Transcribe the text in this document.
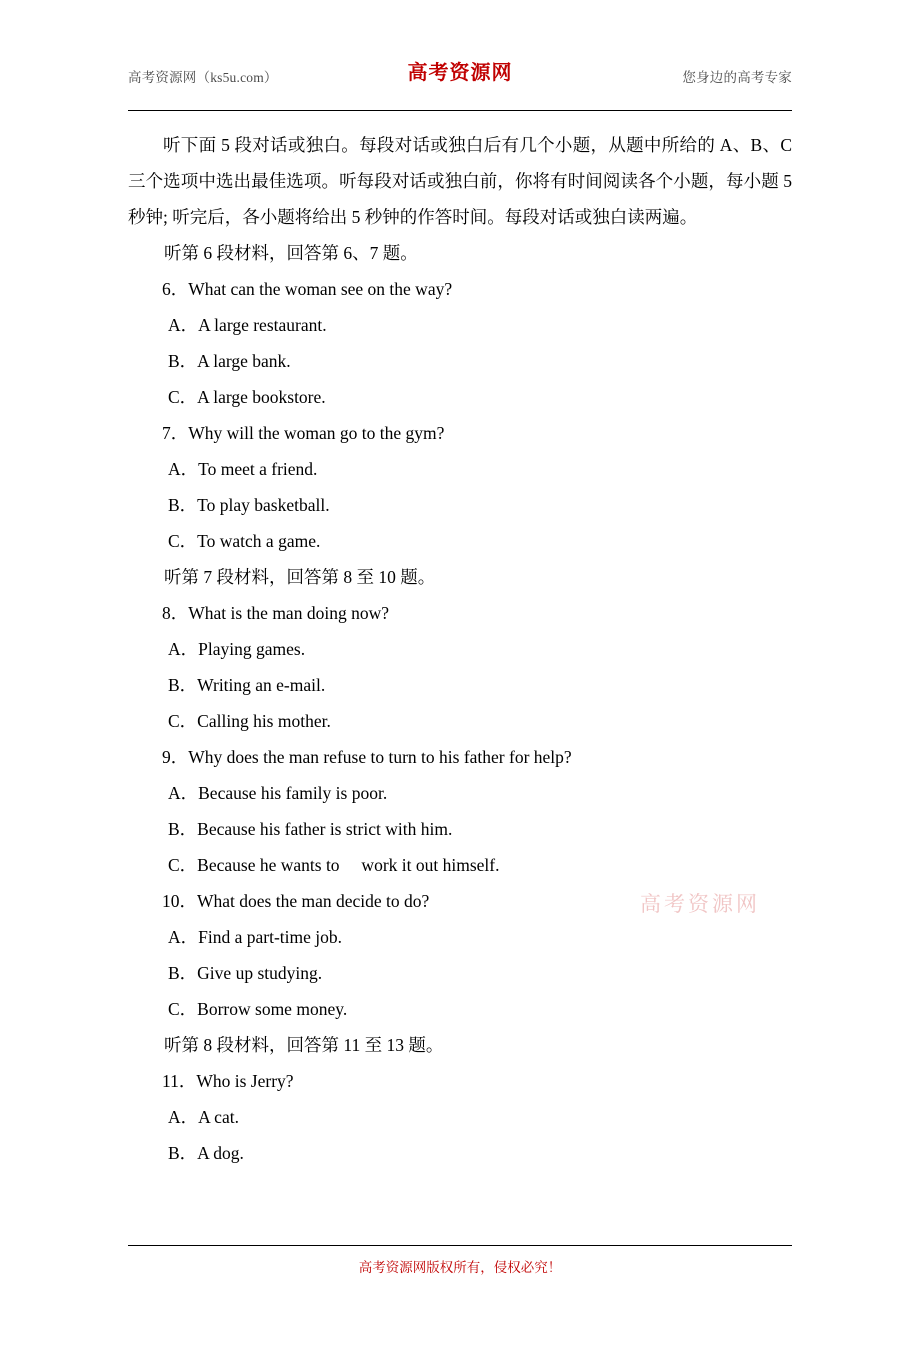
高考资源网（ks5u.com）	高考资源网	您身边的高考专家

听下面 5 段对话或独白。每段对话或独白后有几个小题，从题中所给的 A、B、C 三个选项中选出最佳选项。听每段对话或独白前，你将有时间阅读各个小题，每小题 5 秒钟; 听完后，各小题将给出 5 秒钟的作答时间。每段对话或独白读两遍。

听第 6 段材料，回答第 6、7 题。

6．What can the woman see on the way?

A．A large restaurant.

B．A large bank.

C．A large bookstore.

7．Why will the woman go to the gym?

A．To meet a friend.

B．To play basketball.

C．To watch a game.

听第 7 段材料，回答第 8 至 10 题。

8．What is the man doing now?

A．Playing games.

B．Writing an e-mail.

C．Calling his mother.

9．Why does the man refuse to turn to his father for help?

A．Because his family is poor.

B．Because his father is strict with him.

C．Because he wants to     work it out himself.

10．What does the man decide to do?

A．Find a part-time job.

B．Give up studying.

C．Borrow some money.

听第 8 段材料，回答第 11 至 13 题。

11．Who is Jerry?

A．A cat.

B．A dog.

高考资源网
高考资源网版权所有，侵权必究！
